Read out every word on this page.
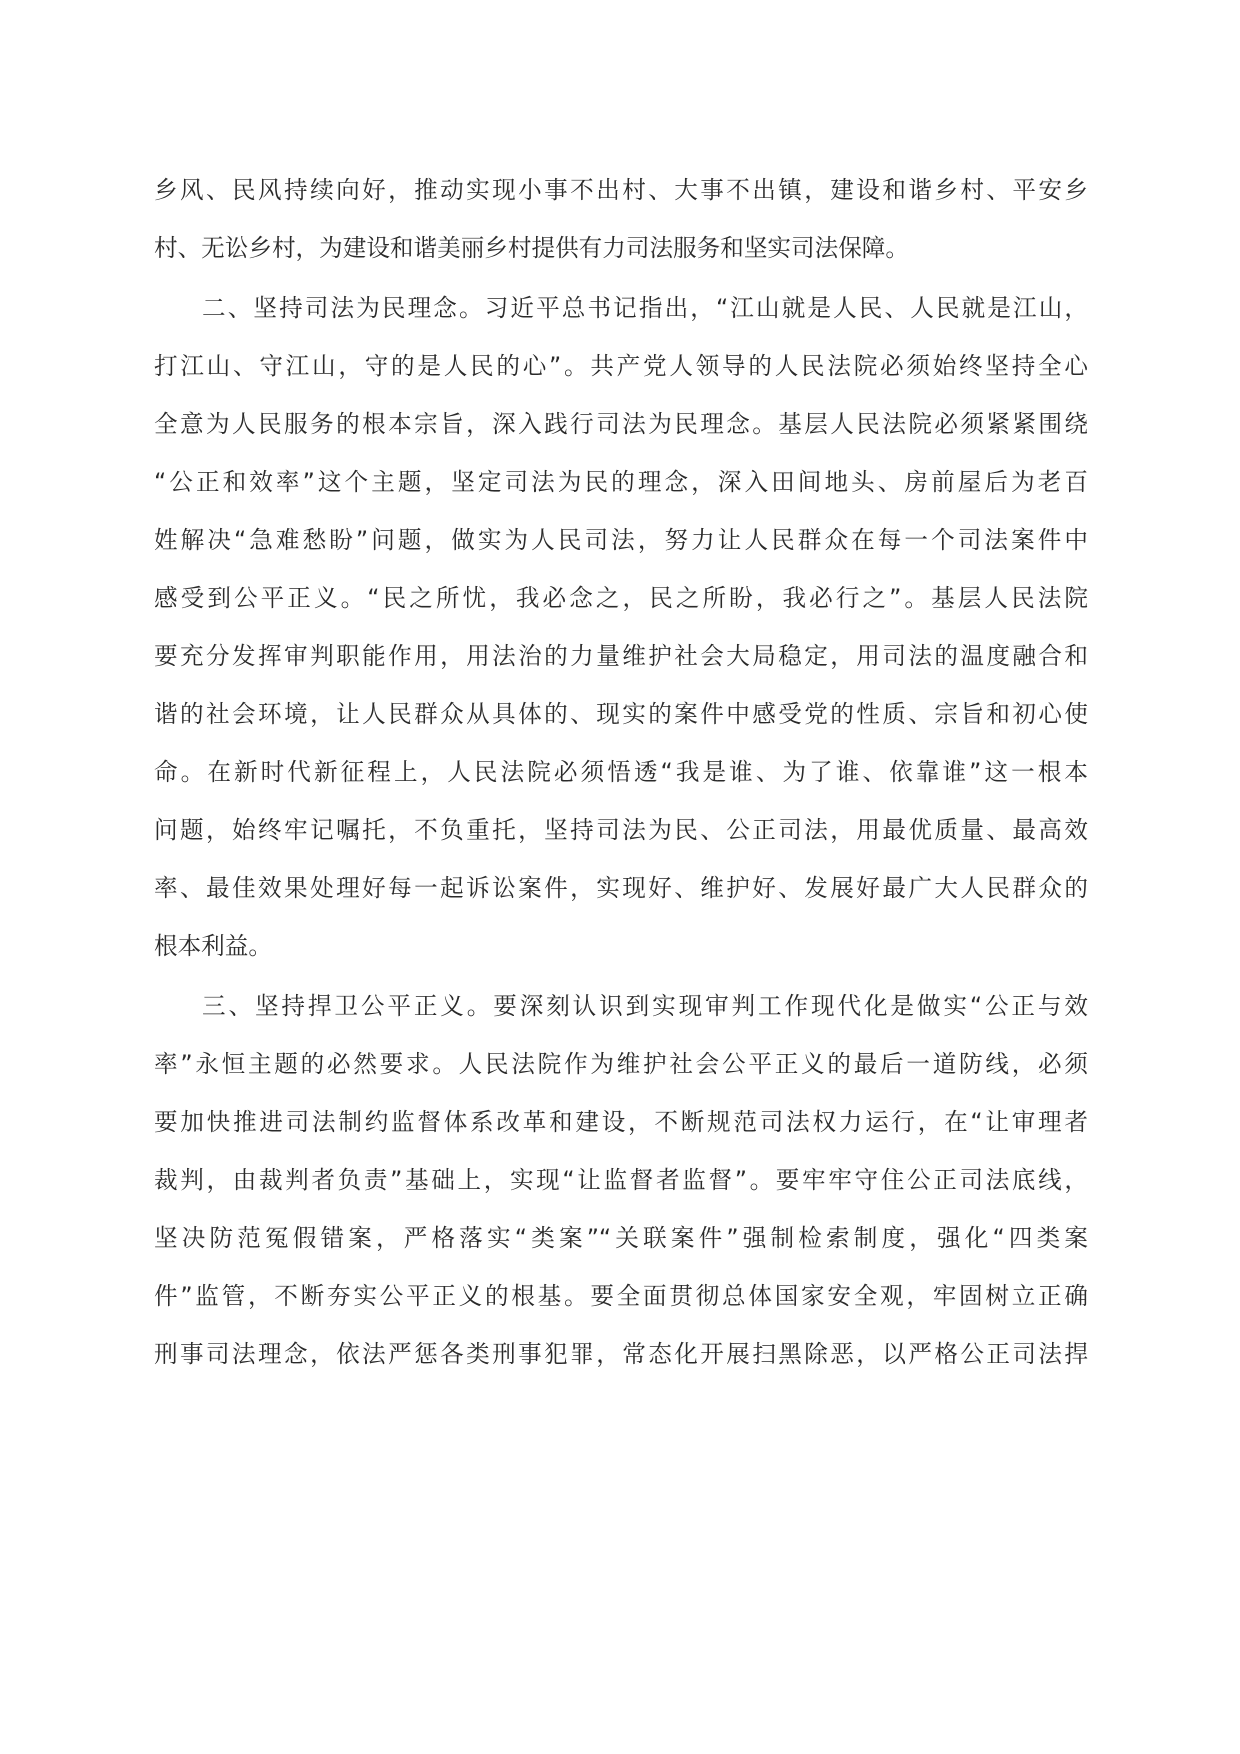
乡风、民风持续向好，推动实现小事不出村、大事不出镇，建设和谐乡村、平安乡
村、无讼乡村，为建设和谐美丽乡村提供有力司法服务和坚实司法保障。
二、坚持司法为民理念。习近平总书记指出，“江山就是人民、人民就是江山，
打江山、守江山，守的是人民的心”。共产党人领导的人民法院必须始终坚持全心
全意为人民服务的根本宗旨，深入践行司法为民理念。基层人民法院必须紧紧围绕
“公正和效率”这个主题，坚定司法为民的理念，深入田间地头、房前屋后为老百
姓解决“急难愁盼”问题，做实为人民司法，努力让人民群众在每一个司法案件中
感受到公平正义。“民之所忧，我必念之，民之所盼，我必行之”。基层人民法院
要充分发挥审判职能作用，用法治的力量维护社会大局稳定，用司法的温度融合和
谐的社会环境，让人民群众从具体的、现实的案件中感受党的性质、宗旨和初心使
命。在新时代新征程上，人民法院必须悟透“我是谁、为了谁、依靠谁”这一根本
问题，始终牢记嘱托，不负重托，坚持司法为民、公正司法，用最优质量、最高效
率、最佳效果处理好每一起诉讼案件，实现好、维护好、发展好最广大人民群众的
根本利益。
三、坚持捍卫公平正义。要深刻认识到实现审判工作现代化是做实“公正与效
率”永恒主题的必然要求。人民法院作为维护社会公平正义的最后一道防线，必须
要加快推进司法制约监督体系改革和建设，不断规范司法权力运行，在“让审理者
裁判，由裁判者负责”基础上，实现“让监督者监督”。要牢牢守住公正司法底线，
坚决防范冤假错案，严格落实“类案”“关联案件”强制检索制度，强化“四类案
件”监管，不断夯实公平正义的根基。要全面贯彻总体国家安全观，牢固树立正确
刑事司法理念，依法严惩各类刑事犯罪，常态化开展扫黑除恶，以严格公正司法捍
